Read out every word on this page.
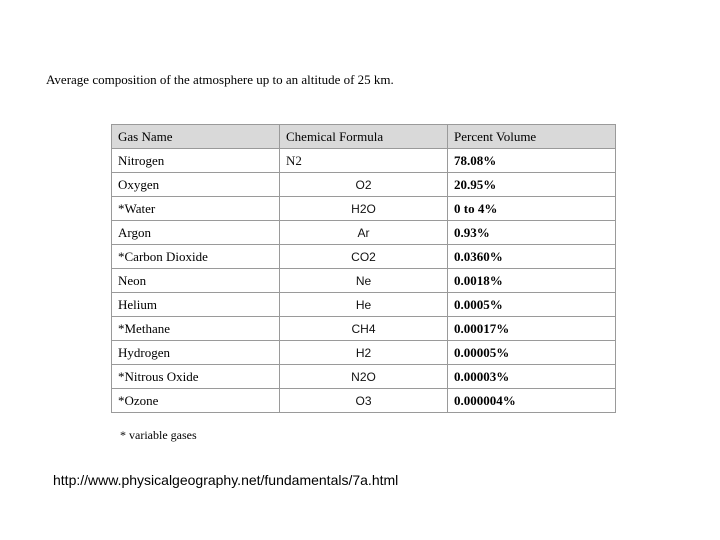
Average composition of the atmosphere up to an altitude of 25 km.
Gas Name	Chemical Formula	Percent Volume
Nitrogen	N2	78.08%
Oxygen	O2	20.95%
*Water	H2O	0 to 4%
Argon	Ar	0.93%
*Carbon Dioxide	CO2	0.0360%
Neon	Ne	0.0018%
Helium	He	0.0005%
*Methane	CH4	0.00017%
Hydrogen	H2	0.00005%
*Nitrous Oxide	N2O	0.00003%
*Ozone	O3	0.000004%
* variable gases
http://www.physicalgeography.net/fundamentals/7a.html
